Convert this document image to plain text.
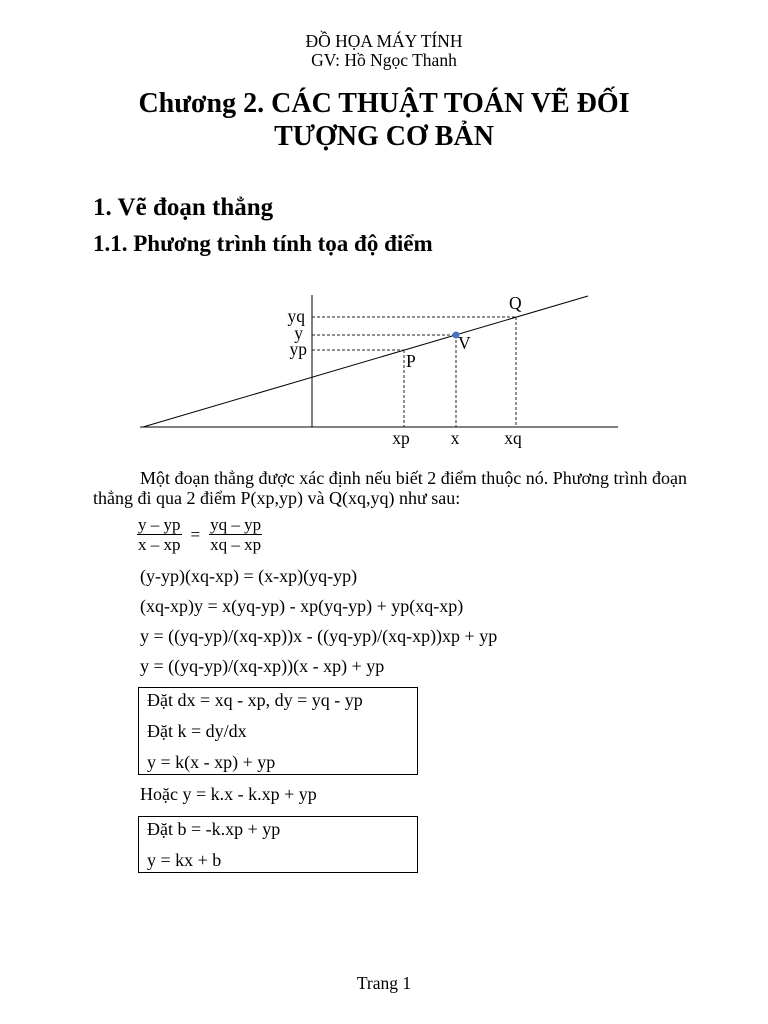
ĐỒ HỌA MÁY TÍNH
GV: Hồ Ngọc Thanh
Chương 2. CÁC THUẬT TOÁN VẼ ĐỐI
TƯỢNG CƠ BẢN
1. Vẽ đoạn thẳng
1.1. Phương trình tính tọa độ điểm
yq
y
yp
xp x	xq
Q
V
P
Một đoạn thẳng được xác định nếu biết 2 điểm thuộc nó. Phương trình đoạn
thẳng đi qua 2 điểm P(xp,yp) và Q(xq,yq) như sau:
$\frac{y - yp}{x - xp} = \frac{yq - yp}{xq - xp}$
(y-yp)(xq-xp) = (x-xp)(yq-yp)
(xq-xp)y = x(yq-yp) - xp(yq-yp) + yp(xq-xp)
y = ((yq-yp)/(xq-xp))x - ((yq-yp)/(xq-xp))xp + yp
y = ((yq-yp)/(xq-xp))(x - xp) + yp
Đặt dx = xq - xp, dy = yq - yp
Đặt k = dy/dx
y = k(x - xp) + yp
Hoặc y = k.x - k.xp + yp
Đặt b = -k.xp + yp
y = kx + b
Trang 1
